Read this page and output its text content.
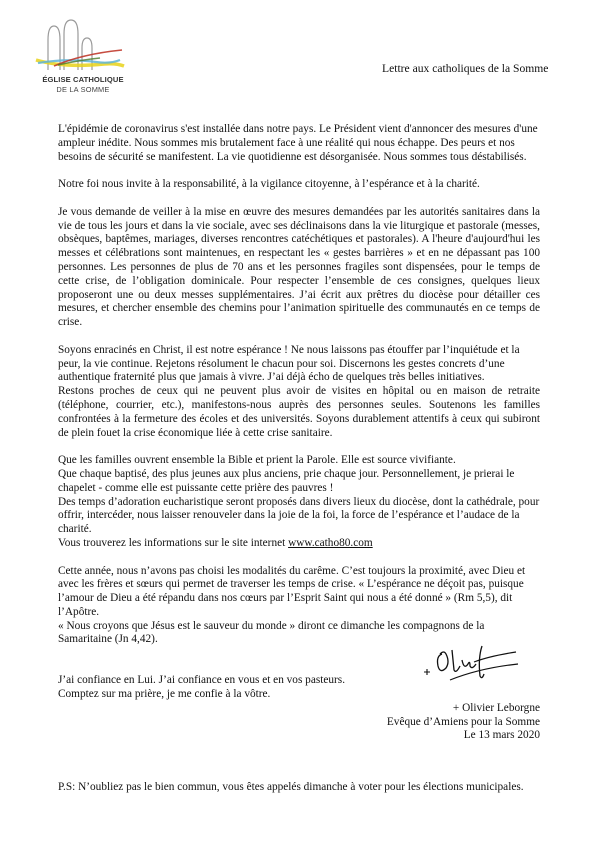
ÉGLISE CATHOLIQUE
DE LA SOMME
Lettre aux catholiques de la Somme

L'épidémie de coronavirus s'est installée dans notre pays. Le Président vient d'annoncer des mesures d'une ampleur inédite. Nous sommes mis brutalement face à une réalité qui nous échappe. Des peurs et nos besoins de sécurité se manifestent. La vie quotidienne est désorganisée. Nous sommes tous déstabilisés.

Notre foi nous invite à la responsabilité, à la vigilance citoyenne, à l’espérance et à la charité.

Je vous demande de veiller à la mise en œuvre des mesures demandées par les autorités sanitaires dans la vie de tous les jours et dans la vie sociale, avec ses déclinaisons dans la vie liturgique et pastorale (messes, obsèques, baptêmes, mariages, diverses rencontres catéchétiques et pastorales). A l'heure d'aujourd'hui les messes et célébrations sont maintenues, en respectant les « gestes barrières » et en ne dépassant pas 100 personnes. Les personnes de plus de 70 ans et les personnes fragiles sont dispensées, pour le temps de cette crise, de l’obligation dominicale. Pour respecter l’ensemble de ces consignes, quelques lieux proposeront une ou deux messes supplémentaires. J’ai écrit aux prêtres du diocèse pour détailler ces mesures, et chercher ensemble des chemins pour l’animation spirituelle des communautés en ce temps de crise.

Soyons enracinés en Christ, il est notre espérance ! Ne nous laissons pas étouffer par l’inquiétude et la peur, la vie continue. Rejetons résolument le chacun pour soi. Discernons les gestes concrets d’une authentique fraternité plus que jamais à vivre. J’ai déjà écho de quelques très belles initiatives.
Restons proches de ceux qui ne peuvent plus avoir de visites en hôpital ou en maison de retraite (téléphone, courrier, etc.), manifestons-nous auprès des personnes seules. Soutenons les familles confrontées à la fermeture des écoles et des universités. Soyons durablement attentifs à ceux qui subiront de plein fouet la crise économique liée à cette crise sanitaire.
Que les familles ouvrent ensemble la Bible et prient la Parole. Elle est source vivifiante.
Que chaque baptisé, des plus jeunes aux plus anciens, prie chaque jour. Personnellement, je prierai le chapelet - comme elle est puissante cette prière des pauvres !
Des temps d’adoration eucharistique seront proposés dans divers lieux du diocèse, dont la cathédrale, pour offrir, intercéder, nous laisser renouveler dans la joie de la foi, la force de l’espérance et l’audace de la charité.
Vous trouverez les informations sur le site internet www.catho80.com
Cette année, nous n’avons pas choisi les modalités du carême. C’est toujours la proximité, avec Dieu et avec les frères et sœurs qui permet de traverser les temps de crise. « L’espérance ne déçoit pas, puisque l’amour de Dieu a été répandu dans nos cœurs par l’Esprit Saint qui nous a été donné » (Rm 5,5), dit l’Apôtre.
« Nous croyons que Jésus est le sauveur du monde » diront ce dimanche les compagnons de la Samaritaine (Jn 4,42).
J’ai confiance en Lui. J’ai confiance en vous et en vos pasteurs.
Comptez sur ma prière, je me confie à la vôtre.
+ Olivier Leborgne
Evêque d’Amiens pour la Somme
Le 13 mars 2020
P.S: N’oubliez pas le bien commun, vous êtes appelés dimanche à voter pour les élections municipales.
